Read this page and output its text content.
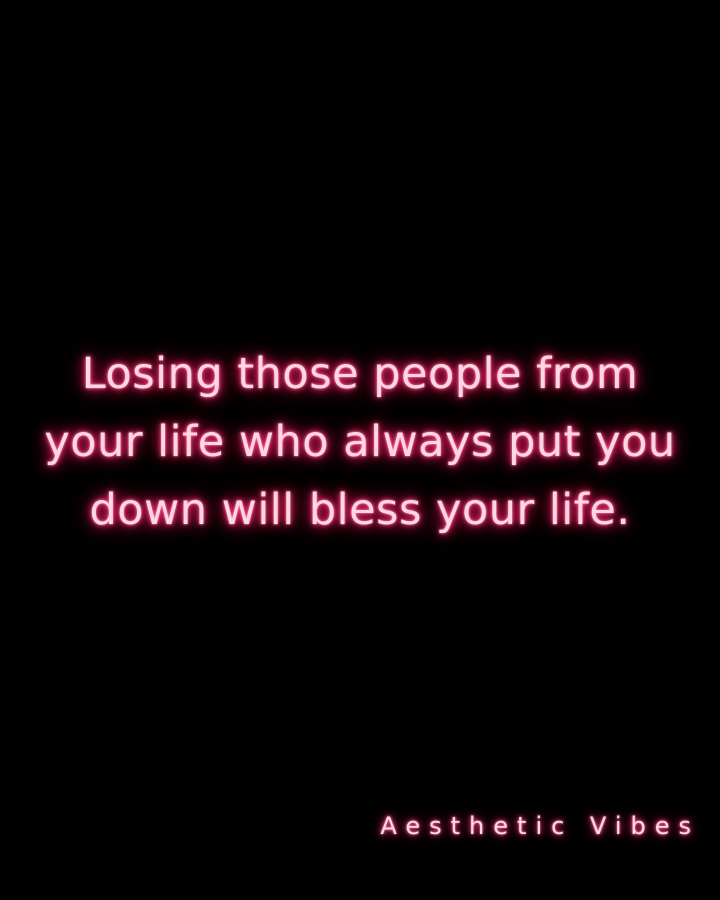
Losing those people from
your life who always put you
down will bless your life.
Aesthetic Vibes
